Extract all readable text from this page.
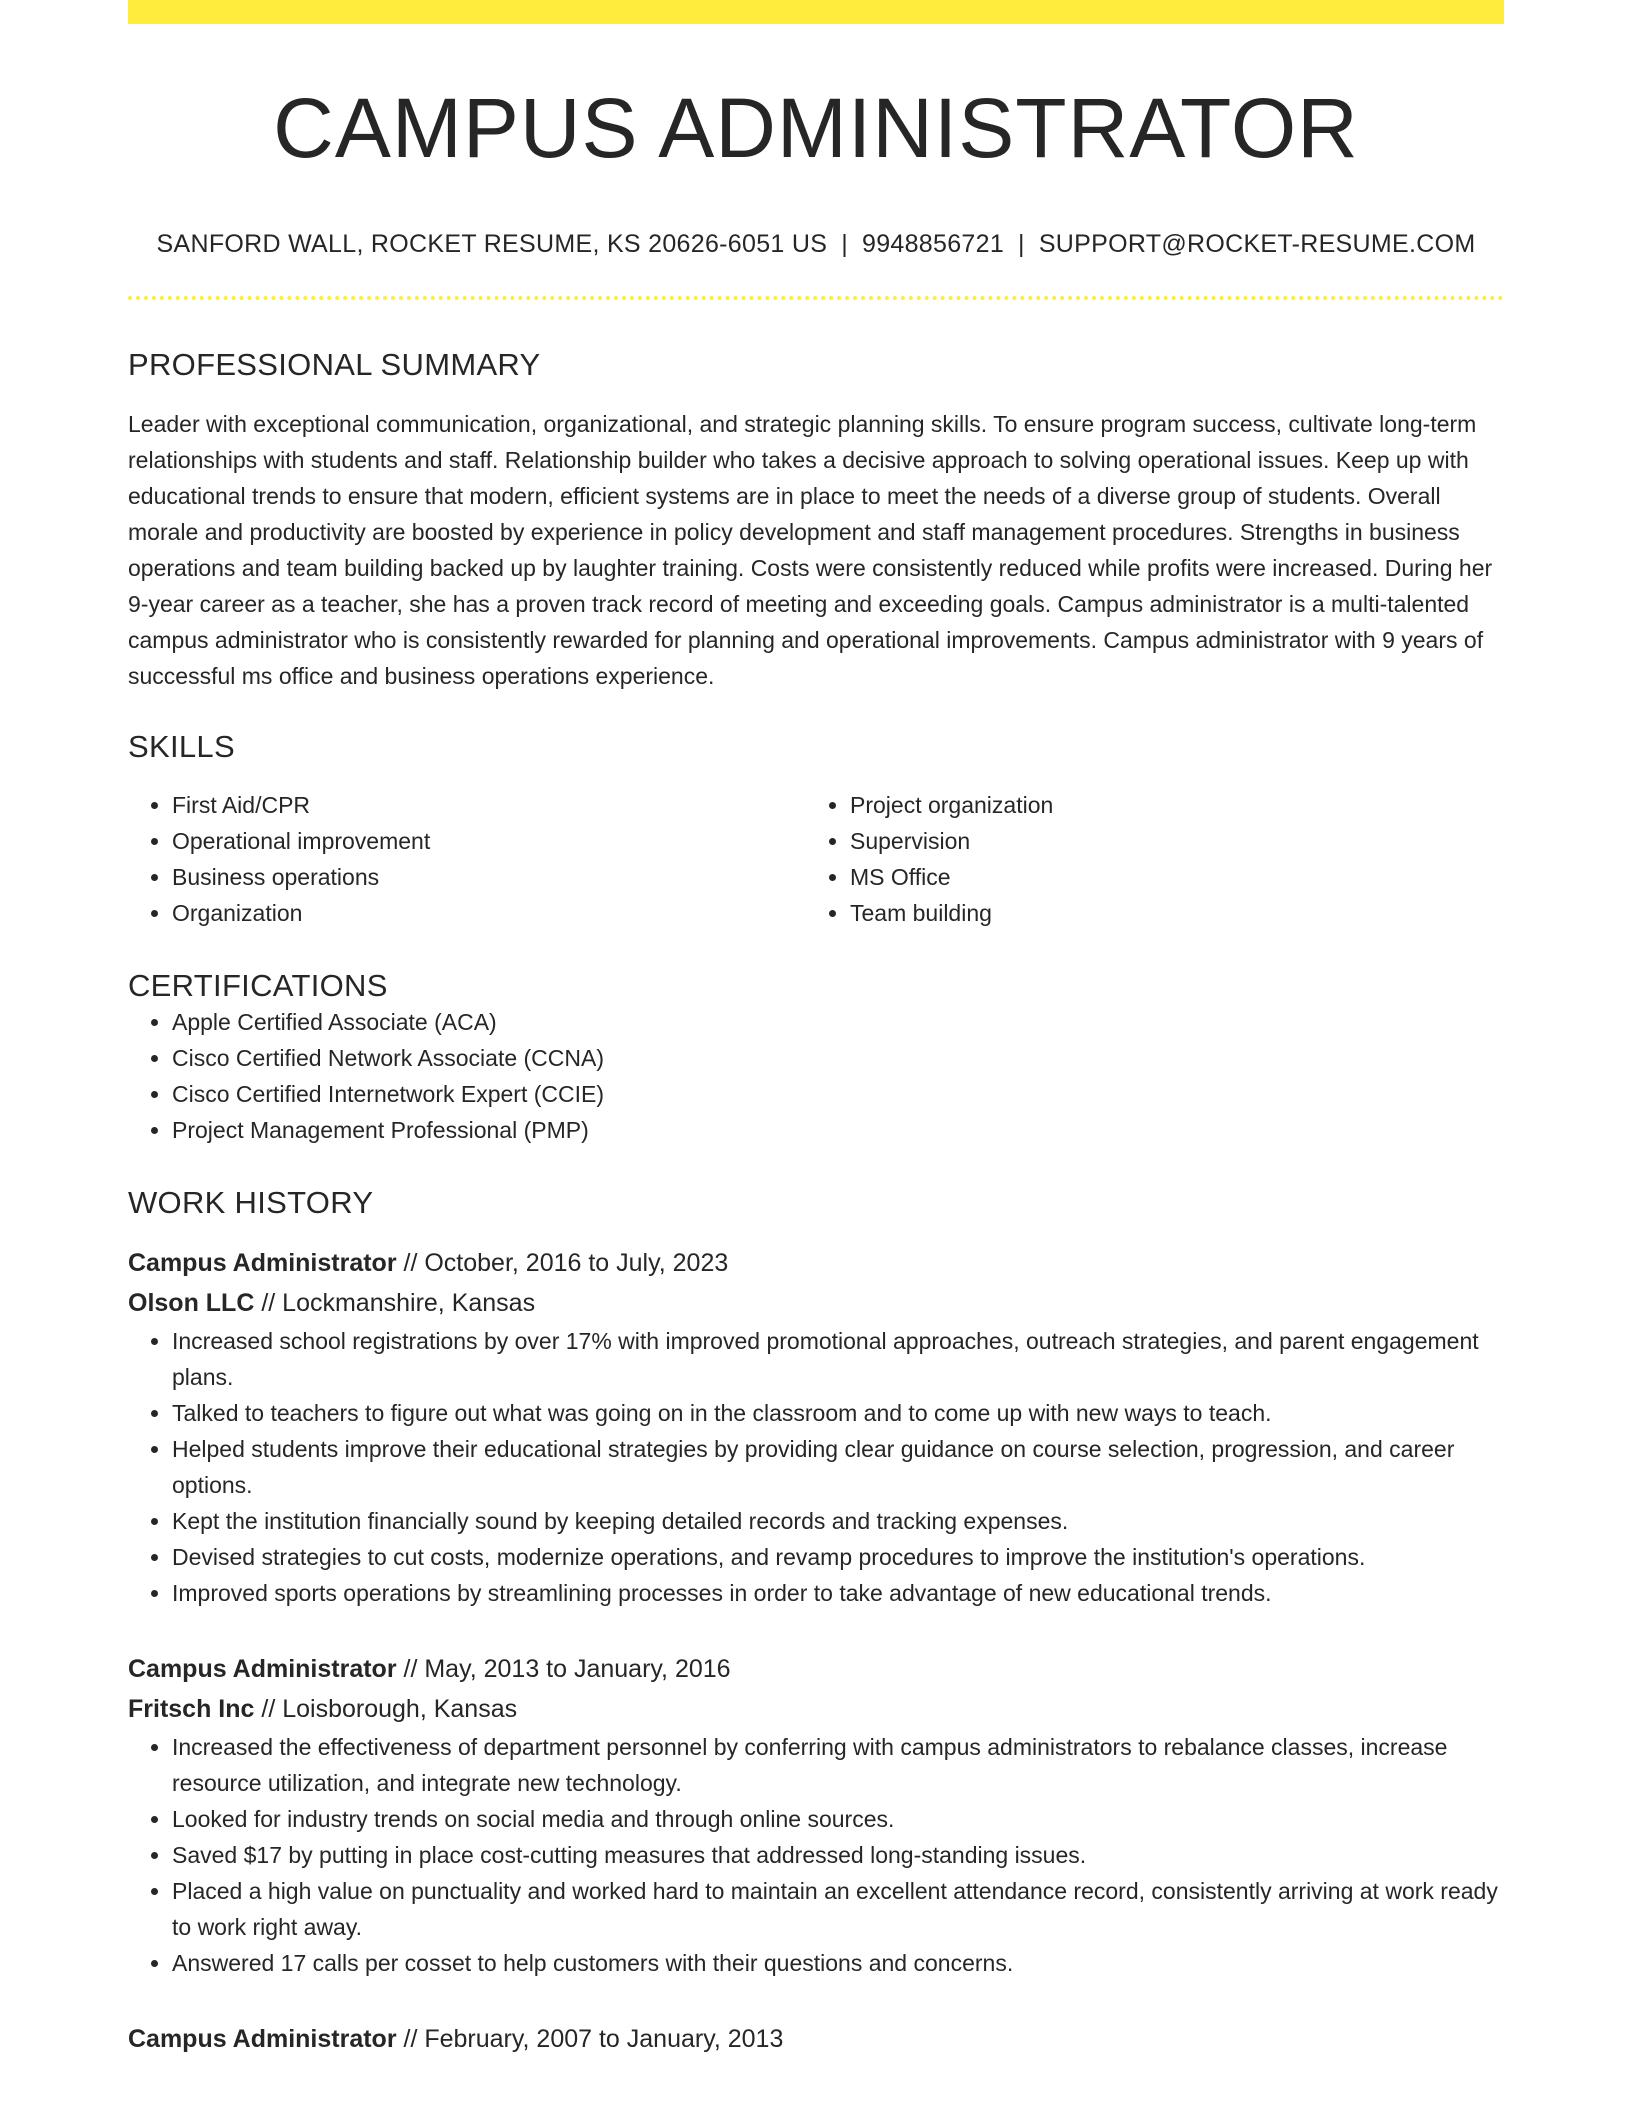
CAMPUS ADMINISTRATOR
SANFORD WALL, ROCKET RESUME, KS 20626-6051 US | 9948856721 | SUPPORT@ROCKET-RESUME.COM
PROFESSIONAL SUMMARY
Leader with exceptional communication, organizational, and strategic planning skills. To ensure program success, cultivate long-term relationships with students and staff. Relationship builder who takes a decisive approach to solving operational issues. Keep up with educational trends to ensure that modern, efficient systems are in place to meet the needs of a diverse group of students. Overall morale and productivity are boosted by experience in policy development and staff management procedures. Strengths in business operations and team building backed up by laughter training. Costs were consistently reduced while profits were increased. During her 9-year career as a teacher, she has a proven track record of meeting and exceeding goals. Campus administrator is a multi-talented campus administrator who is consistently rewarded for planning and operational improvements. Campus administrator with 9 years of successful ms office and business operations experience.
SKILLS
• First Aid/CPR
• Operational improvement
• Business operations
• Organization
• Project organization
• Supervision
• MS Office
• Team building
CERTIFICATIONS
• Apple Certified Associate (ACA)
• Cisco Certified Network Associate (CCNA)
• Cisco Certified Internetwork Expert (CCIE)
• Project Management Professional (PMP)
WORK HISTORY
Campus Administrator // October, 2016 to July, 2023
Olson LLC // Lockmanshire, Kansas
• Increased school registrations by over 17% with improved promotional approaches, outreach strategies, and parent engagement plans.
• Talked to teachers to figure out what was going on in the classroom and to come up with new ways to teach.
• Helped students improve their educational strategies by providing clear guidance on course selection, progression, and career options.
• Kept the institution financially sound by keeping detailed records and tracking expenses.
• Devised strategies to cut costs, modernize operations, and revamp procedures to improve the institution's operations.
• Improved sports operations by streamlining processes in order to take advantage of new educational trends.
Campus Administrator // May, 2013 to January, 2016
Fritsch Inc // Loisborough, Kansas
• Increased the effectiveness of department personnel by conferring with campus administrators to rebalance classes, increase resource utilization, and integrate new technology.
• Looked for industry trends on social media and through online sources.
• Saved $17 by putting in place cost-cutting measures that addressed long-standing issues.
• Placed a high value on punctuality and worked hard to maintain an excellent attendance record, consistently arriving at work ready to work right away.
• Answered 17 calls per cosset to help customers with their questions and concerns.
Campus Administrator // February, 2007 to January, 2013
